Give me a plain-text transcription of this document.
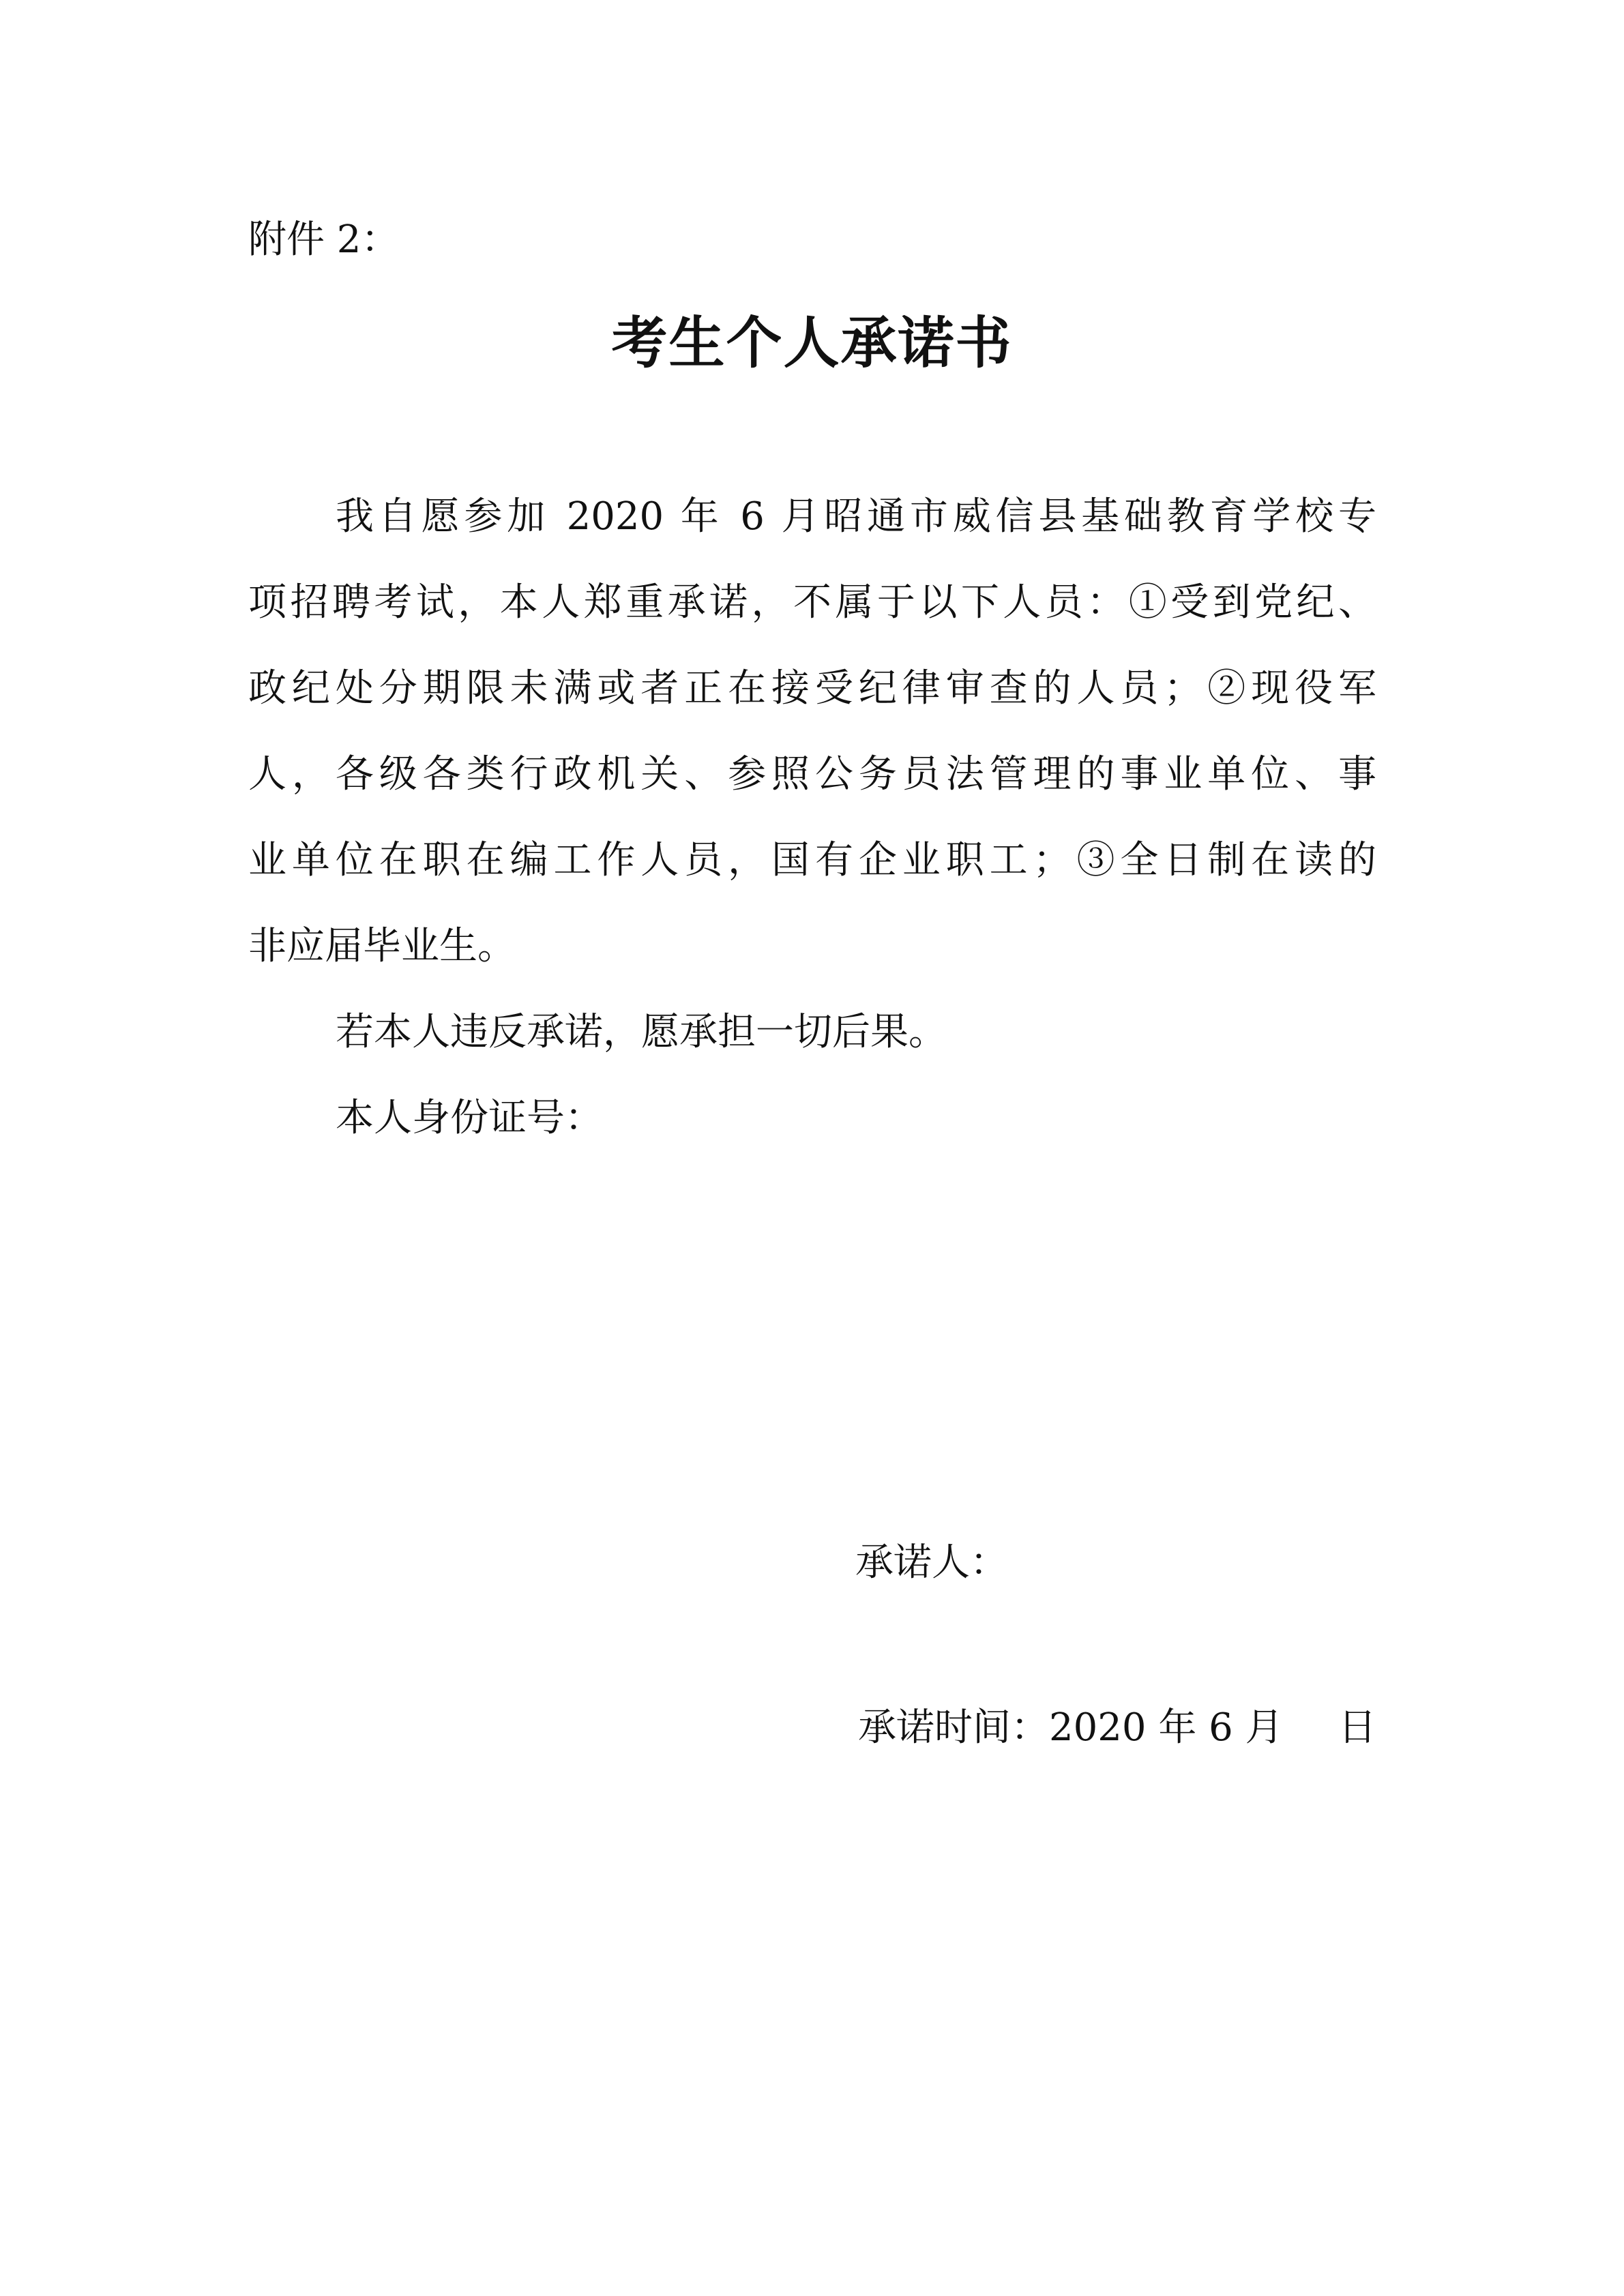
附件 2：
考生个人承诺书
我自愿参加 2020 年 6 月昭通市威信县基础教育学校专
项招聘考试，本人郑重承诺，不属于以下人员：①受到党纪、
政纪处分期限未满或者正在接受纪律审查的人员；②现役军
人，各级各类行政机关、参照公务员法管理的事业单位、事
业单位在职在编工作人员，国有企业职工；③全日制在读的
非应届毕业生。
若本人违反承诺，愿承担一切后果。
本人身份证号：
承诺人：
承诺时间：2020 年 6 月 日
